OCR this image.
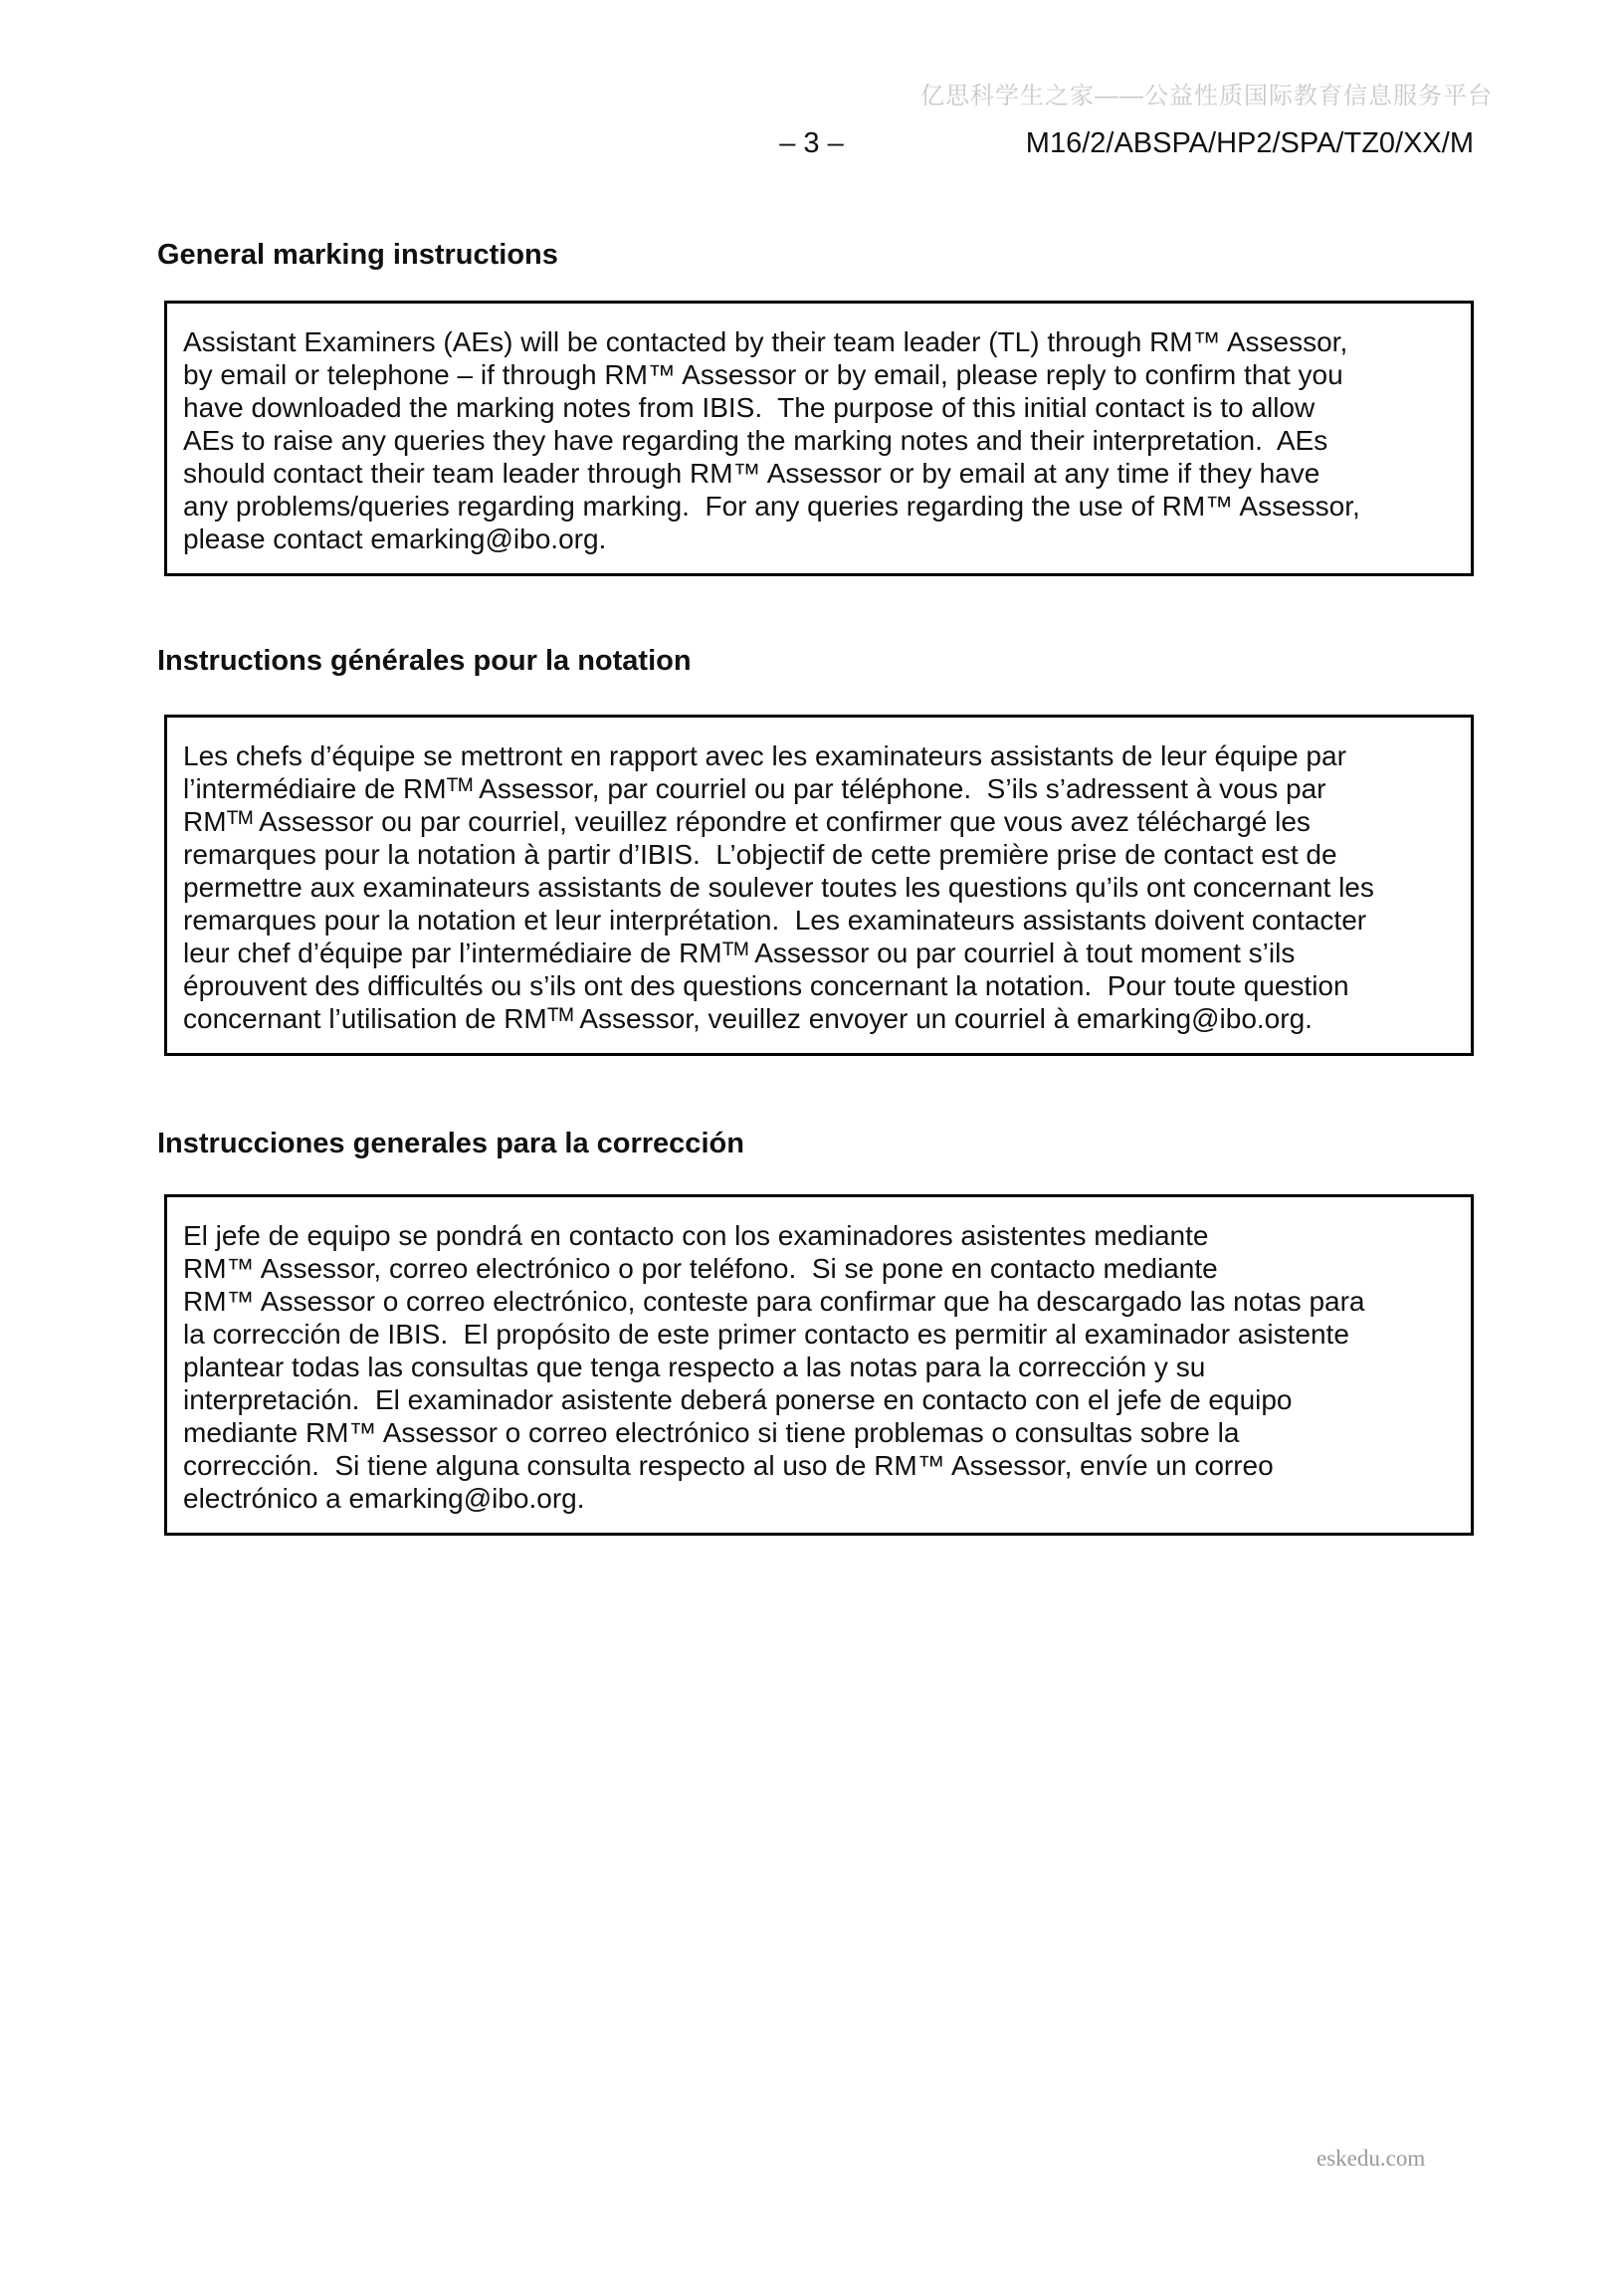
亿思科学生之家——公益性质国际教育信息服务平台
– 3 –	M16/2/ABSPA/HP2/SPA/TZ0/XX/M
General marking instructions
Assistant Examiners (AEs) will be contacted by their team leader (TL) through RM™ Assessor,
by email or telephone – if through RM™ Assessor or by email, please reply to confirm that you
have downloaded the marking notes from IBIS.  The purpose of this initial contact is to allow
AEs to raise any queries they have regarding the marking notes and their interpretation.  AEs
should contact their team leader through RM™ Assessor or by email at any time if they have
any problems/queries regarding marking.  For any queries regarding the use of RM™ Assessor,
please contact emarking@ibo.org.
Instructions générales pour la notation
Les chefs d’équipe se mettront en rapport avec les examinateurs assistants de leur équipe par
l’intermédiaire de RMᵀᴹ Assessor, par courriel ou par téléphone.  S’ils s’adressent à vous par
RMᵀᴹ Assessor ou par courriel, veuillez répondre et confirmer que vous avez téléchargé les
remarques pour la notation à partir d’IBIS.  L’objectif de cette première prise de contact est de
permettre aux examinateurs assistants de soulever toutes les questions qu’ils ont concernant les
remarques pour la notation et leur interprétation.  Les examinateurs assistants doivent contacter
leur chef d’équipe par l’intermédiaire de RMᵀᴹ Assessor ou par courriel à tout moment s’ils
éprouvent des difficultés ou s’ils ont des questions concernant la notation.  Pour toute question
concernant l’utilisation de RMᵀᴹ Assessor, veuillez envoyer un courriel à emarking@ibo.org.
Instrucciones generales para la corrección
El jefe de equipo se pondrá en contacto con los examinadores asistentes mediante
RM™ Assessor, correo electrónico o por teléfono.  Si se pone en contacto mediante
RM™ Assessor o correo electrónico, conteste para confirmar que ha descargado las notas para
la corrección de IBIS.  El propósito de este primer contacto es permitir al examinador asistente
plantear todas las consultas que tenga respecto a las notas para la corrección y su
interpretación.  El examinador asistente deberá ponerse en contacto con el jefe de equipo
mediante RM™ Assessor o correo electrónico si tiene problemas o consultas sobre la
corrección.  Si tiene alguna consulta respecto al uso de RM™ Assessor, envíe un correo
electrónico a emarking@ibo.org.
eskedu.com
